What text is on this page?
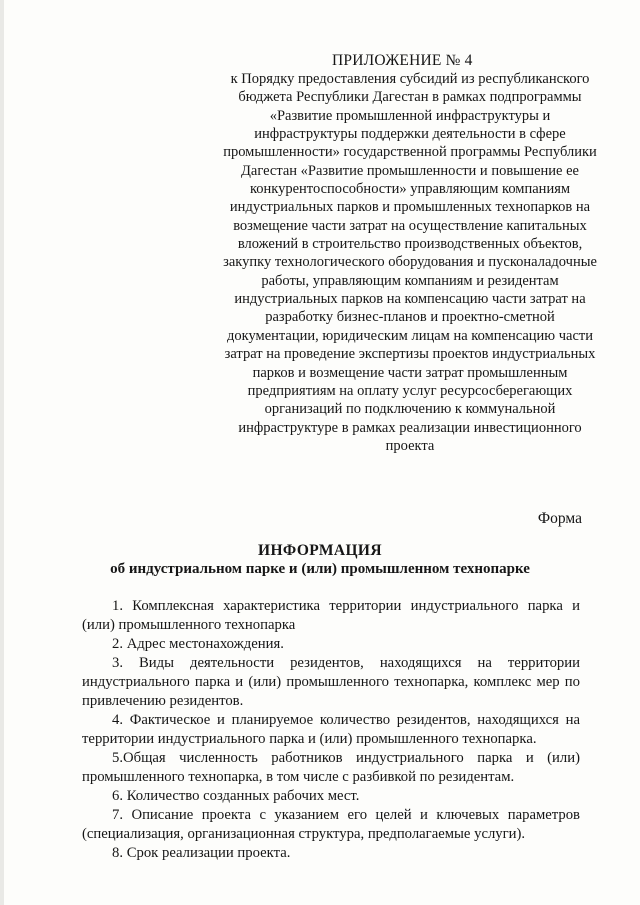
ПРИЛОЖЕНИЕ № 4
к Порядку предоставления субсидий из республиканского бюджета Республики Дагестан в рамках подпрограммы «Развитие промышленной инфраструктуры и инфраструктуры поддержки деятельности в сфере промышленности» государственной программы Республики Дагестан «Развитие промышленности и повышение ее конкурентоспособности» управляющим компаниям индустриальных парков и промышленных технопарков на возмещение части затрат на осуществление капитальных вложений в строительство производственных объектов, закупку технологического оборудования и пусконаладочные работы, управляющим компаниям и резидентам индустриальных парков на компенсацию части затрат на разработку бизнес-планов и проектно-сметной документации, юридическим лицам на компенсацию части затрат на проведение экспертизы проектов индустриальных парков и возмещение части затрат промышленным предприятиям на оплату услуг ресурсосберегающих организаций по подключению к коммунальной инфраструктуре в рамках реализации инвестиционного проекта
Форма
ИНФОРМАЦИЯ
об индустриальном парке и (или) промышленном технопарке

1. Комплексная характеристика территории индустриального парка и (или) промышленного технопарка

2. Адрес местонахождения.

3. Виды деятельности резидентов, находящихся на территории индустриального парка и (или) промышленного технопарка, комплекс мер по привлечению резидентов.

4. Фактическое и планируемое количество резидентов, находящихся на территории индустриального парка и (или) промышленного технопарка.

5.Общая численность работников индустриального парка и (или) промышленного технопарка, в том числе с разбивкой по резидентам.

6. Количество созданных рабочих мест.

7. Описание проекта с указанием его целей и ключевых параметров (специализация, организационная структура, предполагаемые услуги).

8. Срок реализации проекта.
